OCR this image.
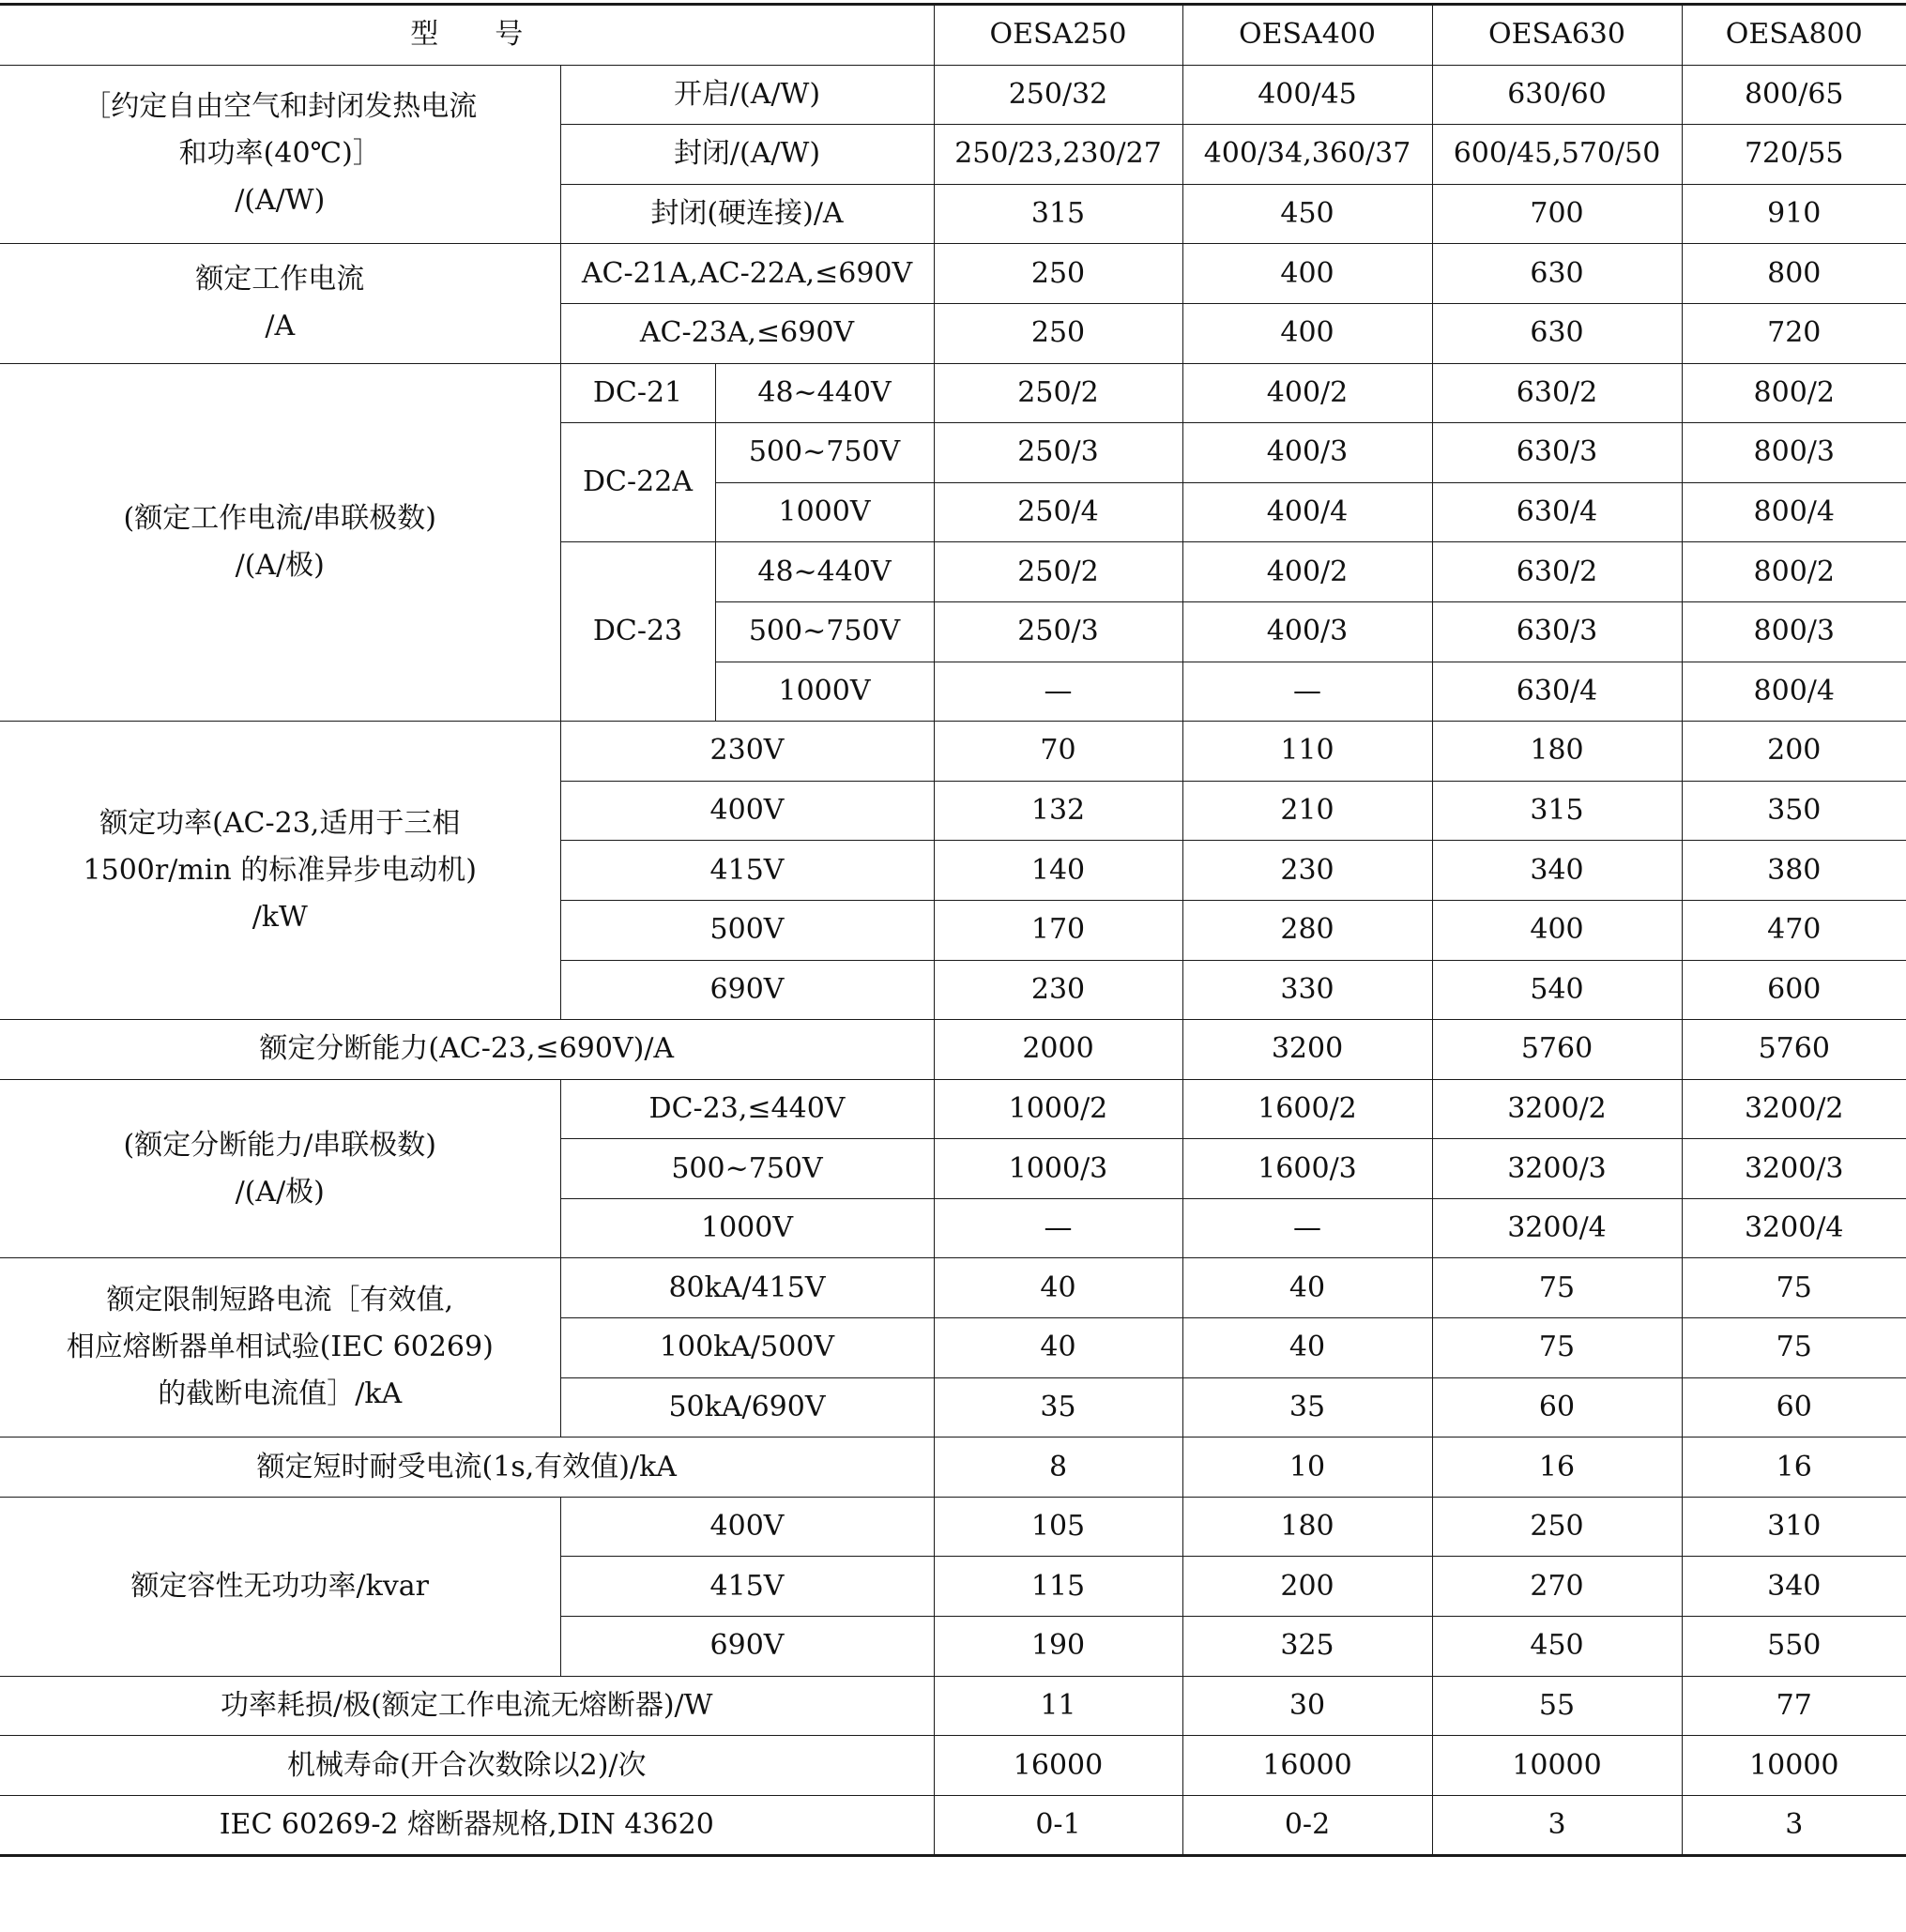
型　　号			OESA250	OESA400	OESA630	OESA800

［约定自由空气和封闭发热电流
和功率(40℃)］
/(A/W)	开启/(A/W)		250/32	400/45	630/60	800/65
	封闭/(A/W)		250/23,230/27	400/34,360/37	600/45,570/50	720/55
	封闭(硬连接)/A		315	450	700	910

额定工作电流
/A	AC-21A,AC-22A,≤690V		250	400	630	800
	AC-23A,≤690V		250	400	630	720

(额定工作电流/串联极数)
/(A/极)	DC-21	48~440V	250/2	400/2	630/2	800/2
	DC-22A	500~750V	250/3	400/3	630/3	800/3
		1000V	250/4	400/4	630/4	800/4
	DC-23	48~440V	250/2	400/2	630/2	800/2
		500~750V	250/3	400/3	630/3	800/3
		1000V	—	—	630/4	800/4

额定功率(AC-23,适用于三相
1500r/min 的标准异步电动机)
/kW	230V		70	110	180	200
	400V		132	210	315	350
	415V		140	230	340	380
	500V		170	280	400	470
	690V		230	330	540	600
额定分断能力(AC-23,≤690V)/A			2000	3200	5760	5760

(额定分断能力/串联极数)
/(A/极)	DC-23,≤440V		1000/2	1600/2	3200/2	3200/2
	500~750V		1000/3	1600/3	3200/3	3200/3
	1000V		—	—	3200/4	3200/4

额定限制短路电流［有效值,
相应熔断器单相试验(IEC 60269)
的截断电流值］/kA	80kA/415V		40	40	75	75
	100kA/500V		40	40	75	75
	50kA/690V		35	35	60	60
额定短时耐受电流(1s,有效值)/kA			8	10	16	16
额定容性无功功率/kvar	400V		105	180	250	310
	415V		115	200	270	340
	690V		190	325	450	550
功率耗损/极(额定工作电流无熔断器)/W			11	30	55	77
机械寿命(开合次数除以2)/次			16000	16000	10000	10000
IEC 60269-2 熔断器规格,DIN 43620			0-1	0-2	3	3
